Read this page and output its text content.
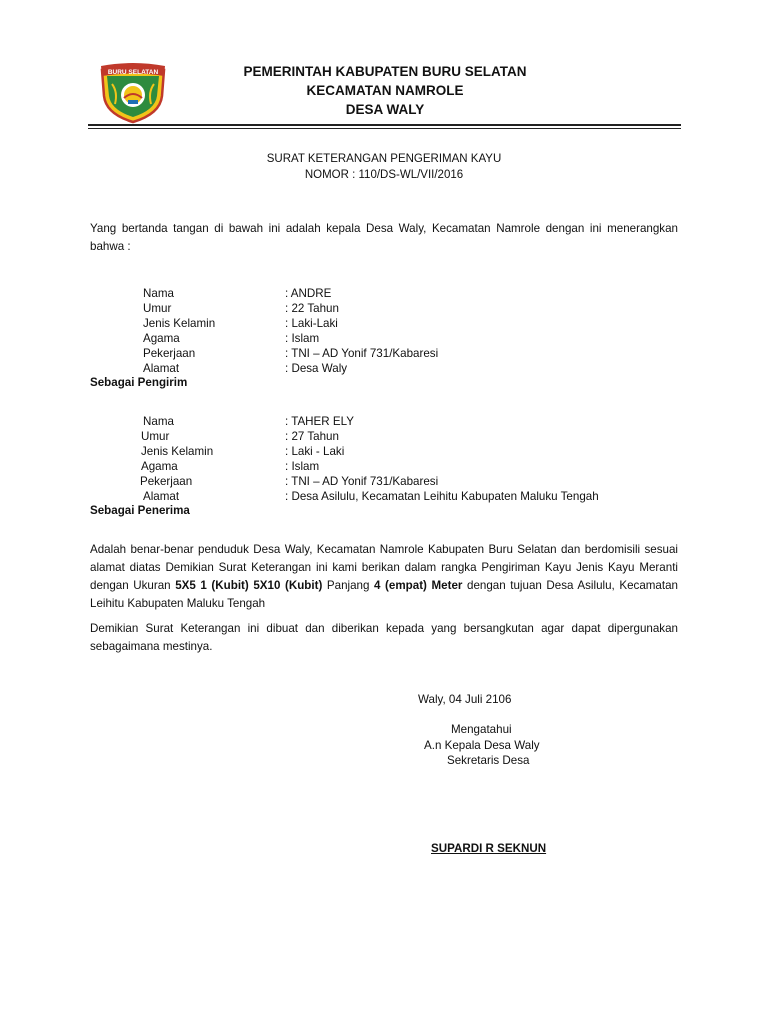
BURU SELATAN	PEMERINTAH KABUPATEN BURU SELATAN
KECAMATAN NAMROLE
DESA WALY
SURAT KETERANGAN PENGERIMAN KAYU
NOMOR : 110/DS-WL/VII/2016
Yang bertanda tangan di bawah ini adalah kepala Desa Waly, Kecamatan Namrole dengan ini menerangkan bahwa :
Nama	: ANDRE
Umur	: 22 Tahun
Jenis Kelamin	: Laki-Laki
Agama	: Islam
Pekerjaan	: TNI – AD Yonif 731/Kabaresi
Alamat	: Desa Waly
Sebagai Pengirim
Nama	: TAHER ELY
Umur	: 27 Tahun
Jenis Kelamin	: Laki - Laki
Agama	: Islam
Pekerjaan	: TNI – AD Yonif 731/Kabaresi
Alamat	: Desa Asilulu, Kecamatan Leihitu Kabupaten Maluku Tengah
Sebagai Penerima
Adalah benar-benar penduduk Desa Waly, Kecamatan Namrole Kabupaten Buru Selatan dan berdomisili sesuai alamat diatas Demikian Surat Keterangan ini kami berikan dalam rangka Pengiriman Kayu Jenis Kayu Meranti dengan Ukuran 5X5 1 (Kubit) 5X10 (Kubit) Panjang 4 (empat) Meter dengan tujuan Desa Asilulu, Kecamatan Leihitu Kabupaten Maluku Tengah
Demikian Surat Keterangan ini dibuat dan diberikan kepada yang bersangkutan agar dapat dipergunakan sebagaimana mestinya.
Waly, 04 Juli 2106
Mengatahui
A.n Kepala Desa Waly
Sekretaris Desa
SUPARDI R SEKNUN
